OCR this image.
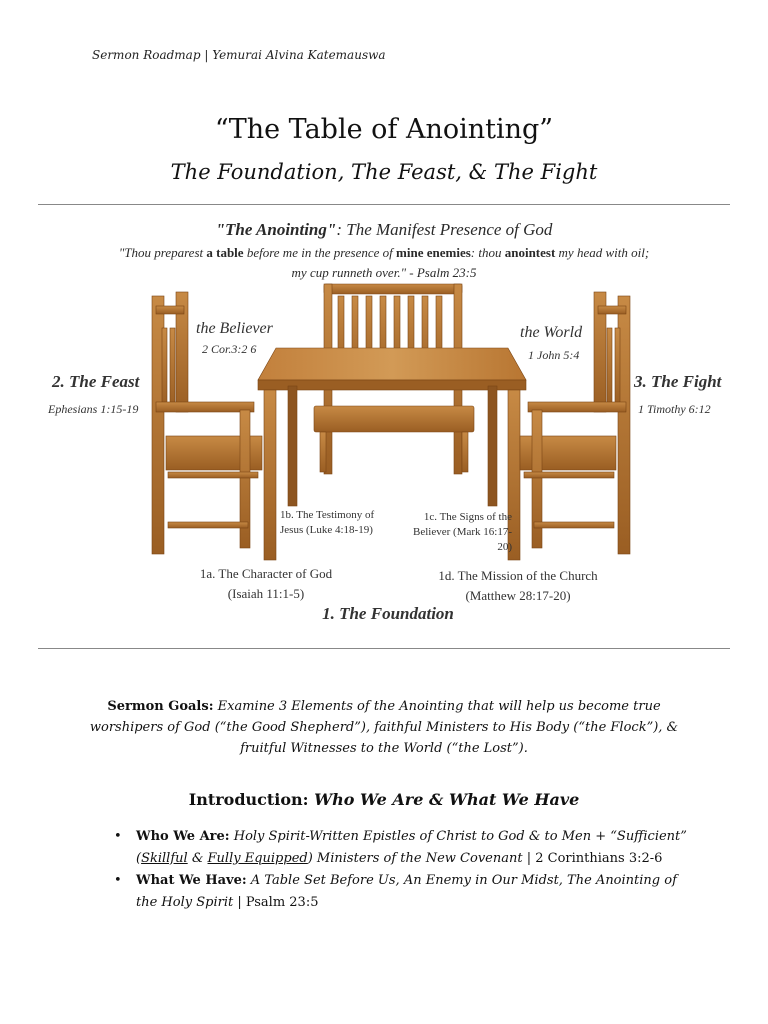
Sermon Roadmap | Yemurai Alvina Katemauswa
“The Table of Anointing”
The Foundation, The Feast, & The Fight
"The Anointing": The Manifest Presence of God
"Thou preparest a table before me in the presence of mine enemies: thou anointest my head with oil;
my cup runneth over." - Psalm 23:5
2. The Feast
Ephesians 1:15-19
3. The Fight
1 Timothy 6:12
the Believer
2 Cor.3:2 6
the World
1 John 5:4
1b. The Testimony of Jesus (Luke 4:18-19)
1c. The Signs of the Believer (Mark 16:17-20)
1a. The Character of God
(Isaiah 11:1-5)
1d. The Mission of the Church
(Matthew 28:17-20)
1. The Foundation
Sermon Goals: Examine 3 Elements of the Anointing that will help us become true worshipers of God (“the Good Shepherd”), faithful Ministers to His Body (“the Flock”), & fruitful Witnesses to the World (“the Lost”).
Introduction: Who We Are & What We Have
• Who We Are: Holy Spirit-Written Epistles of Christ to God & to Men + “Sufficient” (Skillful & Fully Equipped) Ministers of the New Covenant | 2 Corinthians 3:2-6
• What We Have: A Table Set Before Us, An Enemy in Our Midst, The Anointing of the Holy Spirit | Psalm 23:5
